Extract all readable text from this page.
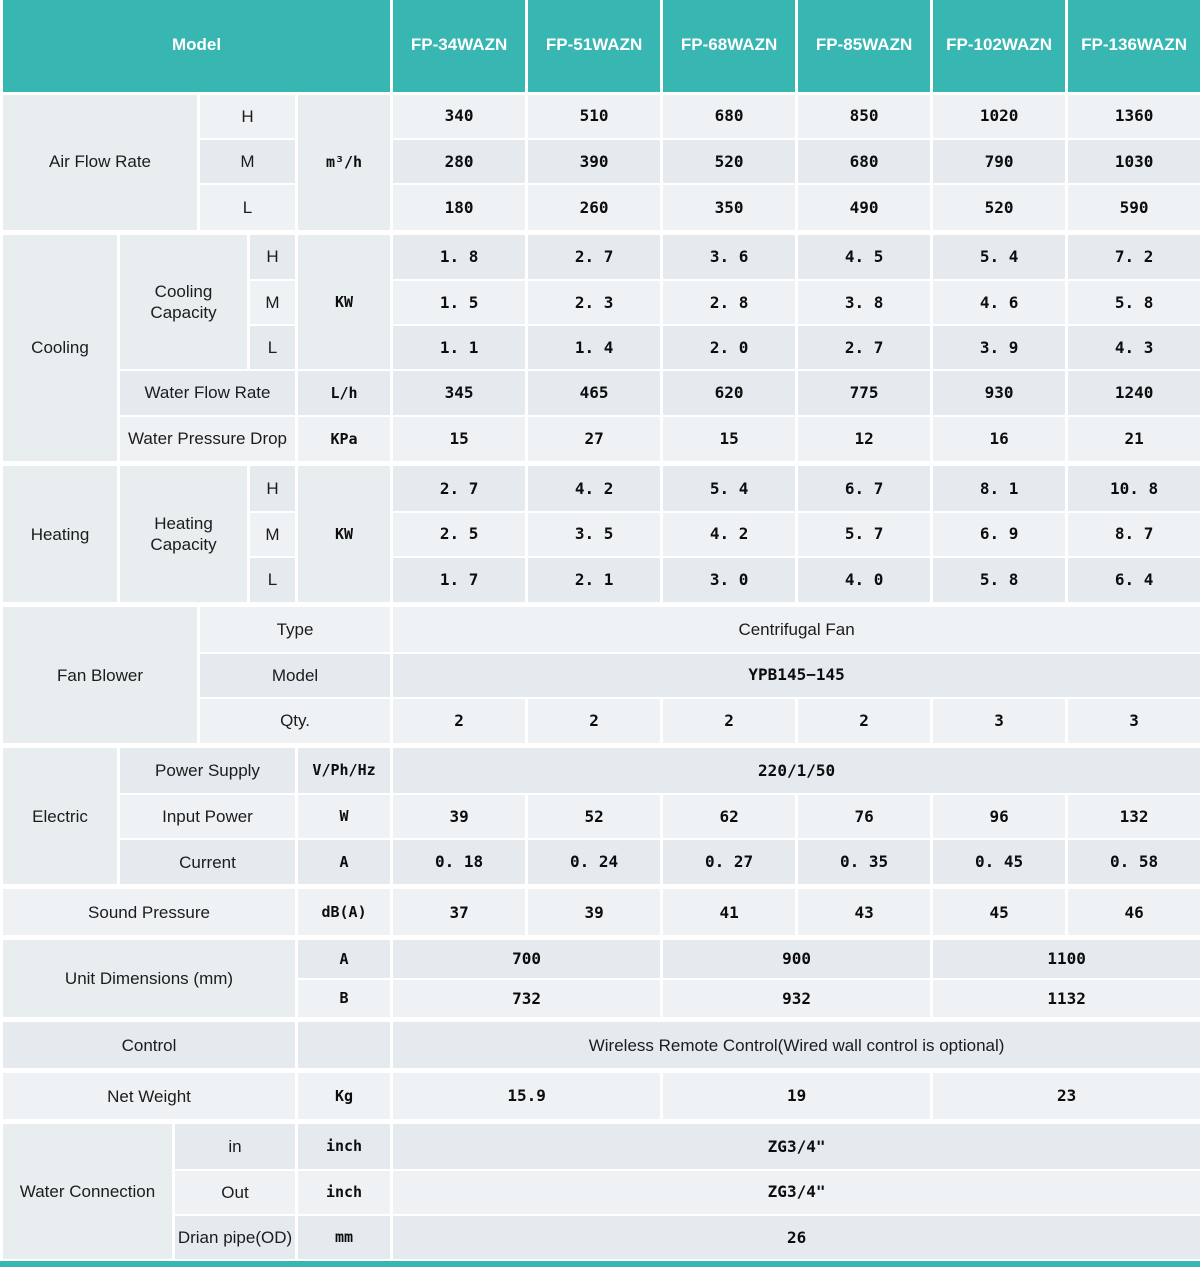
Model						FP-34WAZN	FP-51WAZN	FP-68WAZN	FP-85WAZN	FP-102WAZN	FP-136WAZN
Air Flow Rate			H		m³/h	340	510	680	850	1020	1360
			M			280	390	520	680	790	1030
			L			180	260	350	490	520	590
Cooling	Cooling Capacity			H	KW	1. 8	2. 7	3. 6	4. 5	5. 4	7. 2
				M		1. 5	2. 3	2. 8	3. 8	4. 6	5. 8
				L		1. 1	1. 4	2. 0	2. 7	3. 9	4. 3
	Water Flow Rate				L/h	345	465	620	775	930	1240
	Water Pressure Drop				KPa	15	27	15	12	16	21
Heating	Heating Capacity			H	KW	2. 7	4. 2	5. 4	6. 7	8. 1	10. 8
				M		2. 5	3. 5	4. 2	5. 7	6. 9	8. 7
				L		1. 7	2. 1	3. 0	4. 0	5. 8	6. 4
Fan Blower			Type			Centrifugal Fan					
			Model			YPB145−145					
			Qty.			2	2	2	2	3	3
Electric	Power Supply				V/Ph/Hz	220/1/50					
	Input Power				W	39	52	62	76	96	132
	Current				A	0. 18	0. 24	0. 27	0. 35	0. 45	0. 58
Sound Pressure					dB(A)	37	39	41	43	45	46
Unit Dimensions (mm)					A	700		900		1100	
					B	732		932		1132	
Control						Wireless Remote Control(Wired wall control is optional)					
Net Weight					Kg	15.9		19		23	
Water Connection		in			inch	ZG3/4"					
		Out			inch	ZG3/4"					
		Drian pipe(OD)			mm	26					
